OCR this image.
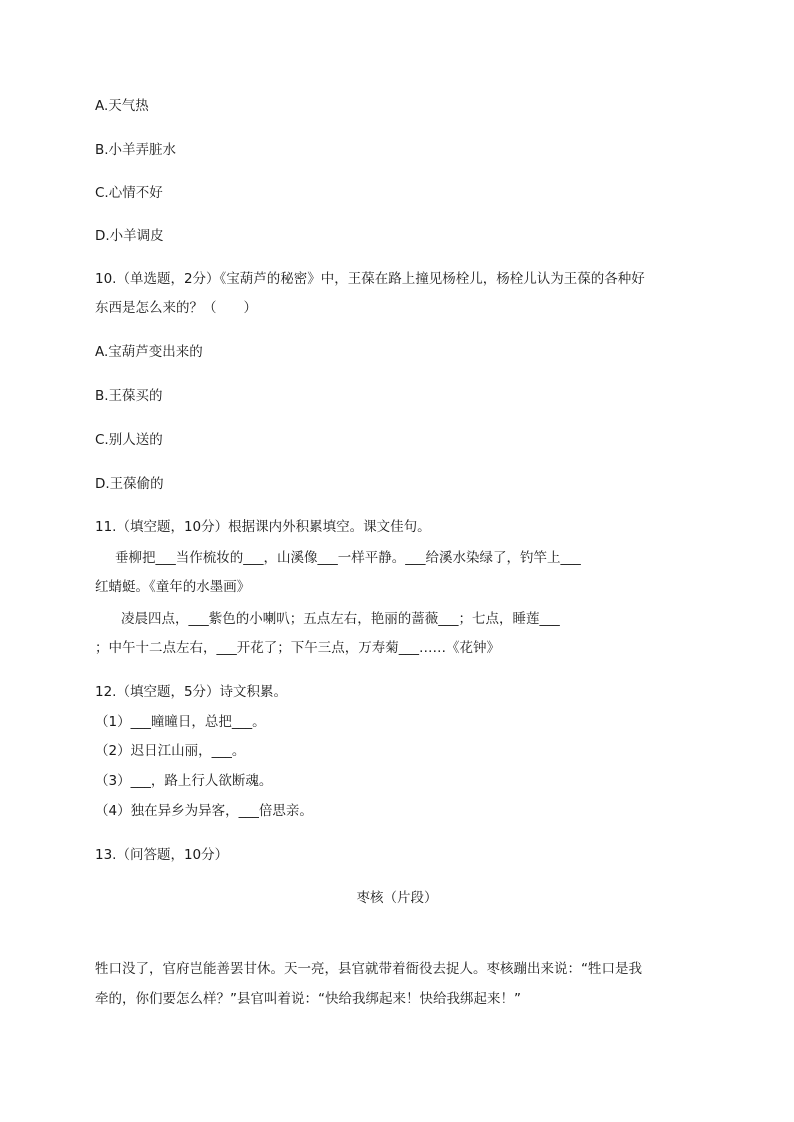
A.天气热
B.小羊弄脏水
C.心情不好
D.小羊调皮
10.（单选题，2分）《宝葫芦的秘密》中，王葆在路上撞见杨栓儿，杨栓儿认为王葆的各种好
东西是怎么来的？（　　）
A.宝葫芦变出来的
B.王葆买的
C.别人送的
D.王葆偷的
11.（填空题，10分）根据课内外积累填空。课文佳句。
垂柳把___当作梳妆的___，山溪像___一样平静。___给溪水染绿了，钓竿上___
红蜻蜓。《童年的水墨画》
凌晨四点，___紫色的小喇叭；五点左右，艳丽的蔷薇___；七点，睡莲___
；中午十二点左右，___开花了；下午三点，万寿菊___……《花钟》
12.（填空题，5分）诗文积累。
（1）___曈曈日，总把___。
（2）迟日江山丽，___。
（3）___，路上行人欲断魂。
（4）独在异乡为异客，___倍思亲。
13.（问答题，10分）
枣核（片段）
牲口没了，官府岂能善罢甘休。天一亮，县官就带着衙役去捉人。枣核蹦出来说：“牲口是我
牵的，你们要怎么样？”县官叫着说：“快给我绑起来！快给我绑起来！”
